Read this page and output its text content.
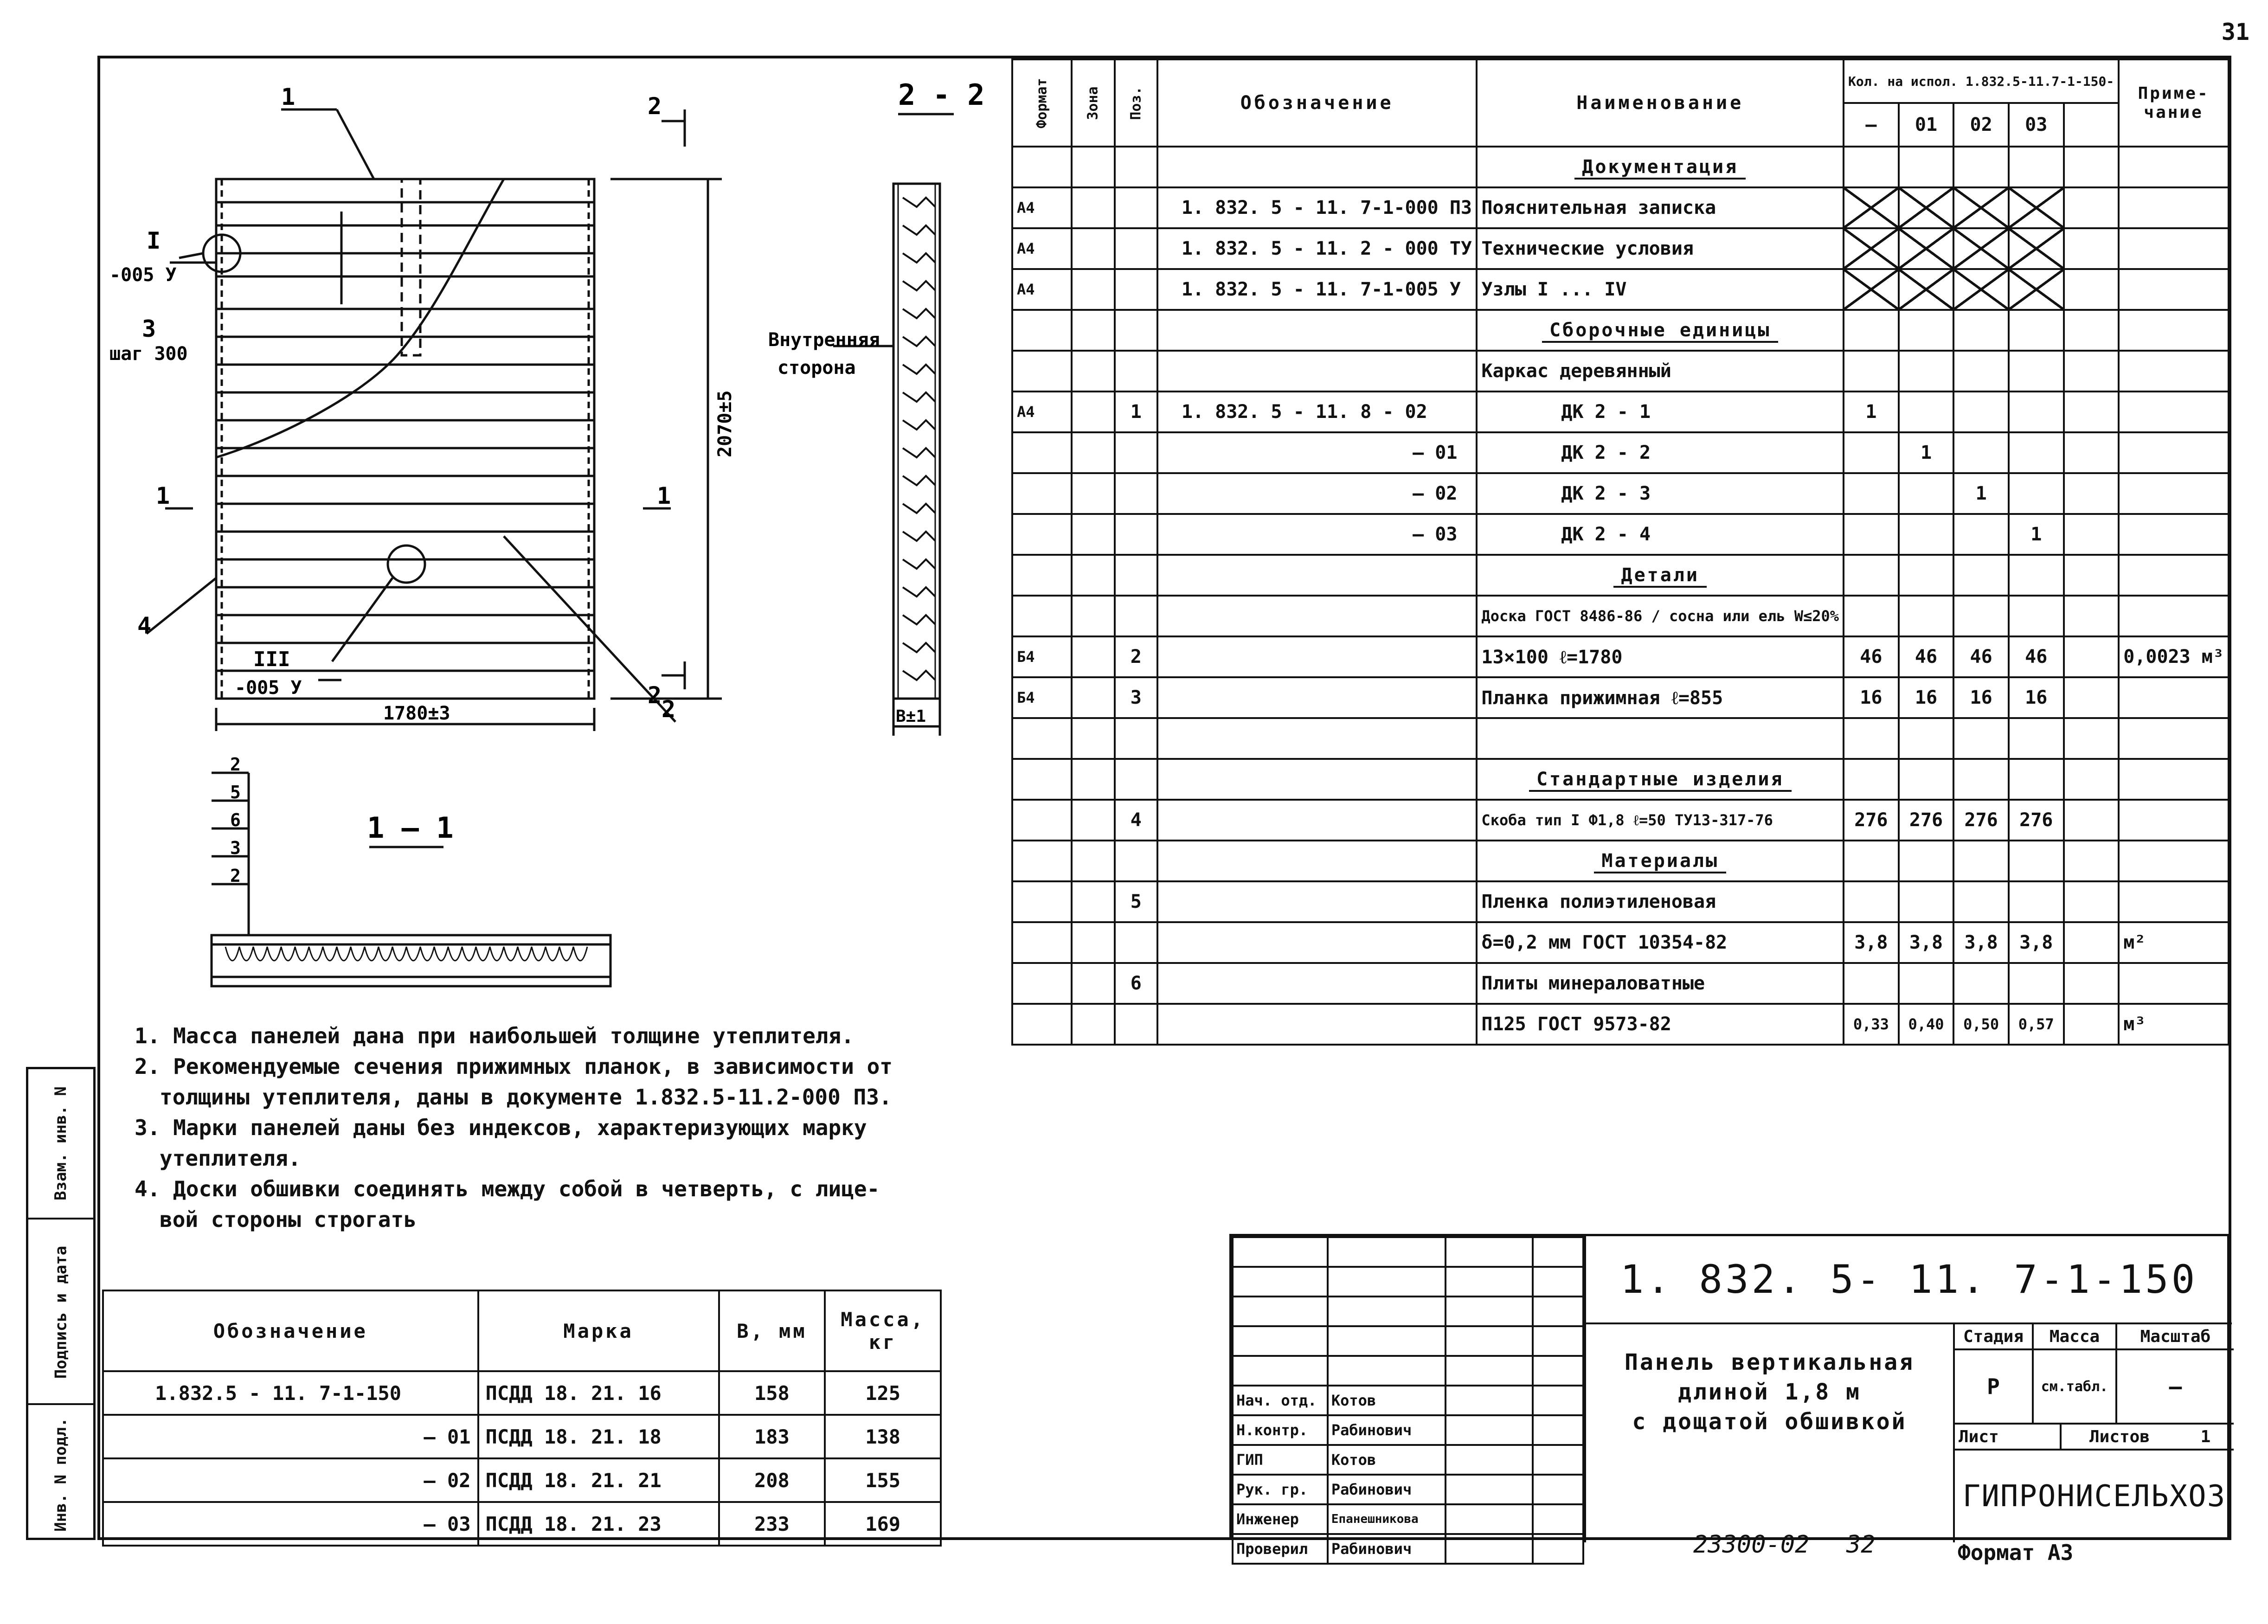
31
Взам. инв. N
Подпись и дата
Инв. N подл.
2 - 2
1 — 1
Внутренняя
сторона
1
2
3
4
I
-005 У
III
-005 У
шаг 300
2070±5
1780±3	B±1
2
2
1	1
2
5
6
3
2
Формат	Зона	Поз.	Обозначение	Наименование	Кол. на испол. 1.832.5-11.7-1-150-					Приме- чание
					—	01	02	03		
				Документация						
А4			1. 832. 5 - 11. 7-1-000 ПЗ	Пояснительная записка						
А4			1. 832. 5 - 11. 2 - 000 ТУ	Технические условия						
А4			1. 832. 5 - 11. 7-1-005 У	Узлы I ... IV						
				Сборочные единицы						
				Каркас деревянный						
А4		1	1. 832. 5 - 11. 8 - 02	ДК 2 - 1	1					
			— 01	ДК 2 - 2		1				
			— 02	ДК 2 - 3			1			
			— 03	ДК 2 - 4				1		
				Детали						
				Доска ГОСТ 8486-86 / сосна или ель W≤20%						
Б4		2		13×100 ℓ=1780	46	46	46	46		0,0023 м³
Б4		3		Планка прижимная ℓ=855	16	16	16	16		

				Стандартные изделия						
		4		Скоба тип I Ф1,8 ℓ=50 ТУ13-317-76	276	276	276	276		
				Материалы						
		5		Пленка полиэтиленовая						
				δ=0,2 мм ГОСТ 10354-82	3,8	3,8	3,8	3,8		м²
		6		Плиты минераловатные						
				П125 ГОСТ 9573-82	0,33	0,40	0,50	0,57		м³
1. Масса панелей дана при наибольшей толщине утеплителя.
2. Рекомендуемые сечения прижимных планок, в зависимости от
толщины утеплителя, даны в документе 1.832.5-11.2-000 ПЗ.
3. Марки панелей даны без индексов, характеризующих марку
утеплителя.
4. Доски обшивки соединять между собой в четверть, с лице-
вой стороны строгать
Обозначение	Марка	В, мм	Масса, кг
1.832.5 - 11. 7-1-150	ПСДД 18. 21. 16	158	125
— 01	ПСДД 18. 21. 18	183	138
— 02	ПСДД 18. 21. 21	208	155
— 03	ПСДД 18. 21. 23	233	169

Нач. отд.	Котов		
Н.контр.	Рабинович		
ГИП	Котов		
Рук. гр.	Рабинович		
Инженер	Епанешникова		
Проверил	Рабинович		
1. 832. 5- 11. 7-1-150
Панель вертикальная
длиной 1,8 м
с дощатой обшивкой
Стадия	Масса	Масштаб
Р	см.табл.	—
Лист	Листов	1
ГИПРОНИСЕЛЬХОЗ
23300-02 32	Формат А3
